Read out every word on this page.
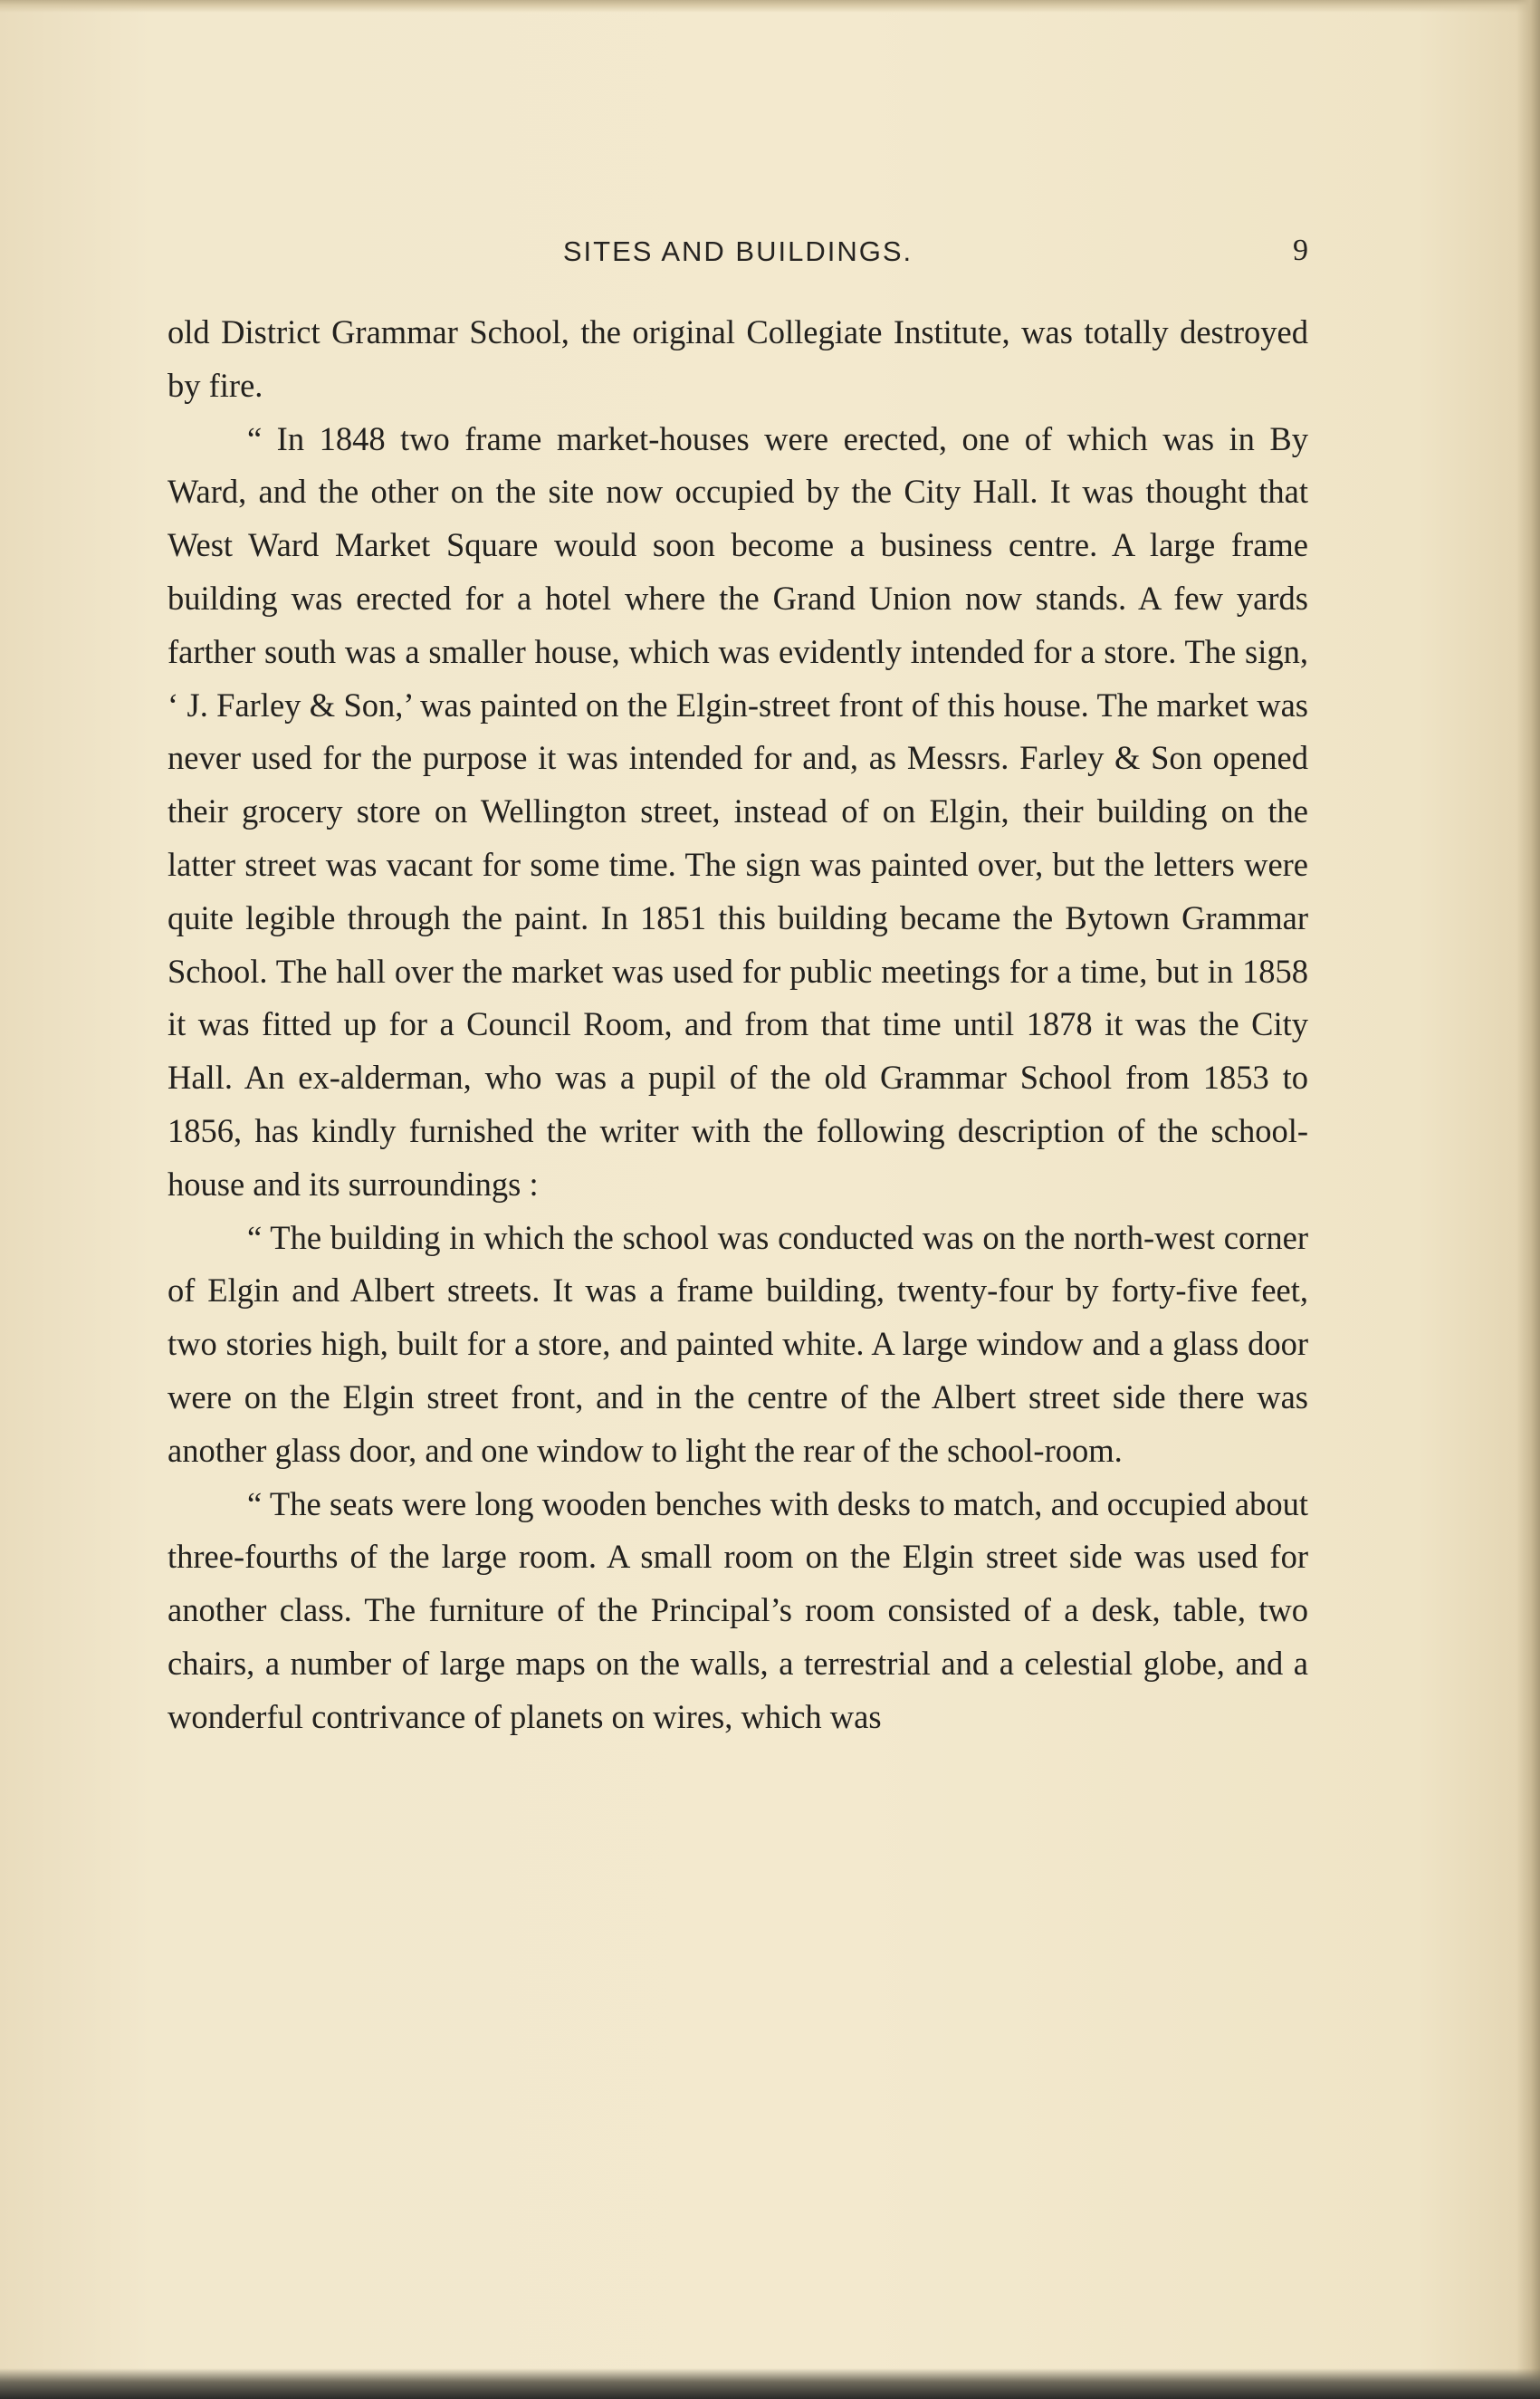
SITES AND BUILDINGS.	9

old District Grammar School, the original Collegiate Institute, was totally destroyed by fire.

“ In 1848 two frame market-houses were erected, one of which was in By Ward, and the other on the site now occupied by the City Hall. It was thought that West Ward Market Square would soon become a business centre. A large frame building was erected for a hotel where the Grand Union now stands. A few yards farther south was a smaller house, which was evidently intended for a store. The sign, ‘ J. Farley & Son,’ was painted on the Elgin-street front of this house. The market was never used for the purpose it was intended for and, as Messrs. Farley & Son opened their grocery store on Wellington street, instead of on Elgin, their building on the latter street was vacant for some time. The sign was painted over, but the letters were quite legible through the paint. In 1851 this building became the Bytown Grammar School. The hall over the market was used for public meetings for a time, but in 1858 it was fitted up for a Council Room, and from that time until 1878 it was the City Hall. An ex-alderman, who was a pupil of the old Grammar School from 1853 to 1856, has kindly furnished the writer with the following description of the school-house and its surroundings :

“ The building in which the school was conducted was on the north-west corner of Elgin and Albert streets. It was a frame building, twenty-four by forty-five feet, two stories high, built for a store, and painted white. A large window and a glass door were on the Elgin street front, and in the centre of the Albert street side there was another glass door, and one window to light the rear of the school-room.

“ The seats were long wooden benches with desks to match, and occupied about three-fourths of the large room. A small room on the Elgin street side was used for another class. The furniture of the Principal’s room consisted of a desk, table, two chairs, a number of large maps on the walls, a terrestrial and a celestial globe, and a wonderful contrivance of planets on wires, which was
